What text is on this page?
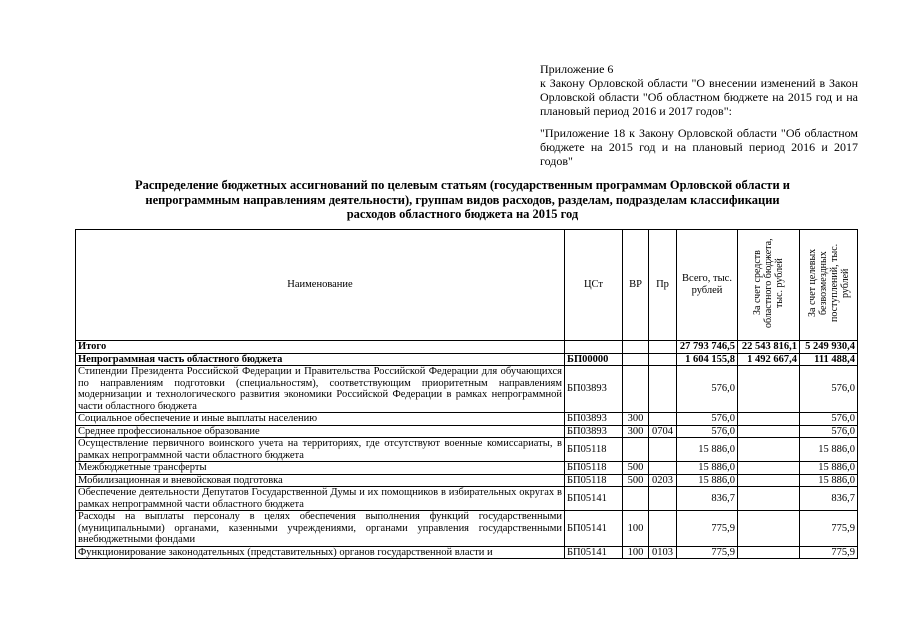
Приложение 6

к Закону Орловской области "О внесении изменений в Закон Орловской области "Об областном бюджете на 2015 год и на плановый период 2016 и 2017 годов":

"Приложение 18 к Закону Орловской области "Об областном бюджете на 2015 год и на плановый период 2016 и 2017 годов"

Распределение бюджетных ассигнований по целевым статьям (государственным программам Орловской области и непрограммным направлениям деятельности), группам видов расходов, разделам, подразделам классификации расходов областного бюджета на 2015 год
Наименование	ЦСт	ВР	Пр	Всего, тыс. рублей	За счет средств областного бюджета, тыс. рублей	За счет целевых безвозмездных поступлений, тыс. рублей
Итого				27 793 746,5	22 543 816,1	5 249 930,4
Непрограммная часть областного бюджета	БП00000			1 604 155,8	1 492 667,4	111 488,4
Стипендии Президента Российской Федерации и Правительства Российской Федерации для обучающихся по направлениям подготовки (специальностям), соответствующим приоритетным направлениям модернизации и технологического развития экономики Российской Федерации в рамках непрограммной части областного бюджета	БП03893			576,0		576,0
Социальное обеспечение и иные выплаты населению	БП03893	300		576,0		576,0
Среднее профессиональное образование	БП03893	300	0704	576,0		576,0
Осуществление первичного воинского учета на территориях, где отсутствуют военные комиссариаты, в рамках непрограммной части областного бюджета	БП05118			15 886,0		15 886,0
Межбюджетные трансферты	БП05118	500		15 886,0		15 886,0
Мобилизационная и вневойсковая подготовка	БП05118	500	0203	15 886,0		15 886,0
Обеспечение деятельности Депутатов Государственной Думы и их помощников в избирательных округах в рамках непрограммной части областного бюджета	БП05141			836,7		836,7
Расходы на выплаты персоналу в целях обеспечения выполнения функций государственными (муниципальными) органами, казенными учреждениями, органами управления государственными внебюджетными фондами	БП05141	100		775,9		775,9
Функционирование законодательных (представительных) органов государственной власти и	БП05141	100	0103	775,9		775,9
